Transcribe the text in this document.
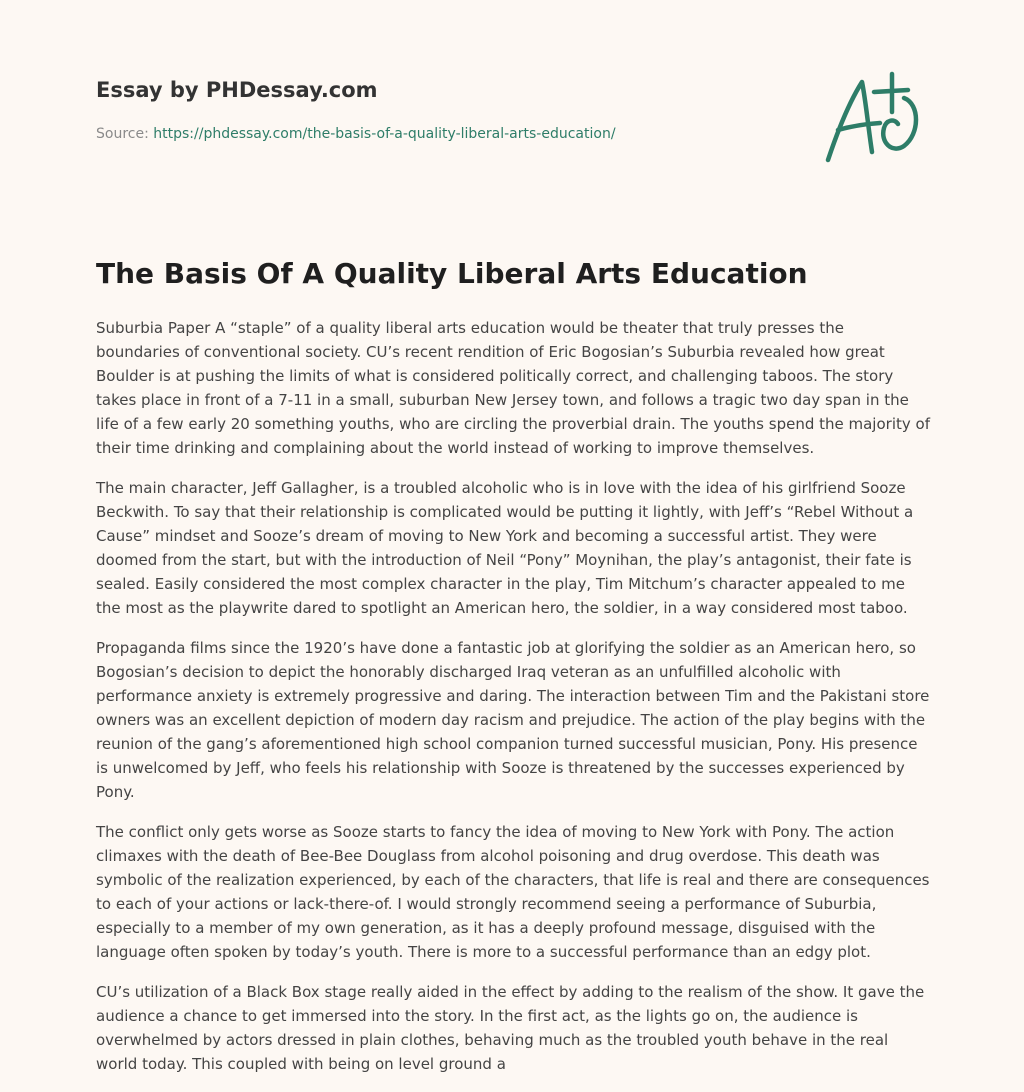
Essay by PHDessay.com
Source: https://phdessay.com/the-basis-of-a-quality-liberal-arts-education/
The Basis Of A Quality Liberal Arts Education

Suburbia Paper A “staple” of a quality liberal arts education would be theater that truly presses the boundaries of conventional society. CU’s recent rendition of Eric Bogosian’s Suburbia revealed how great Boulder is at pushing the limits of what is considered politically correct, and challenging taboos. The story takes place in front of a 7-11 in a small, suburban New Jersey town, and follows a tragic two day span in the life of a few early 20 something youths, who are circling the proverbial drain. The youths spend the majority of their time drinking and complaining about the world instead of working to improve themselves.

The main character, Jeff Gallagher, is a troubled alcoholic who is in love with the idea of his girlfriend Sooze Beckwith. To say that their relationship is complicated would be putting it lightly, with Jeff’s “Rebel Without a Cause” mindset and Sooze’s dream of moving to New York and becoming a successful artist. They were doomed from the start, but with the introduction of Neil “Pony” Moynihan, the play’s antagonist, their fate is sealed. Easily considered the most complex character in the play, Tim Mitchum’s character appealed to me the most as the playwrite dared to spotlight an American hero, the soldier, in a way considered most taboo.

Propaganda films since the 1920’s have done a fantastic job at glorifying the soldier as an American hero, so Bogosian’s decision to depict the honorably discharged Iraq veteran as an unfulfilled alcoholic with performance anxiety is extremely progressive and daring. The interaction between Tim and the Pakistani store owners was an excellent depiction of modern day racism and prejudice. The action of the play begins with the reunion of the gang’s aforementioned high school companion turned successful musician, Pony. His presence is unwelcomed by Jeff, who feels his relationship with Sooze is threatened by the successes experienced by Pony.

The conflict only gets worse as Sooze starts to fancy the idea of moving to New York with Pony. The action climaxes with the death of Bee-Bee Douglass from alcohol poisoning and drug overdose. This death was symbolic of the realization experienced, by each of the characters, that life is real and there are consequences to each of your actions or lack-there-of. I would strongly recommend seeing a performance of Suburbia, especially to a member of my own generation, as it has a deeply profound message, disguised with the language often spoken by today’s youth. There is more to a successful performance than an edgy plot.

CU’s utilization of a Black Box stage really aided in the effect by adding to the realism of the show. It gave the audience a chance to get immersed into the story. In the first act, as the lights go on, the audience is overwhelmed by actors dressed in plain clothes, behaving much as the troubled youth behave in the real world today. This coupled with being on level ground a
